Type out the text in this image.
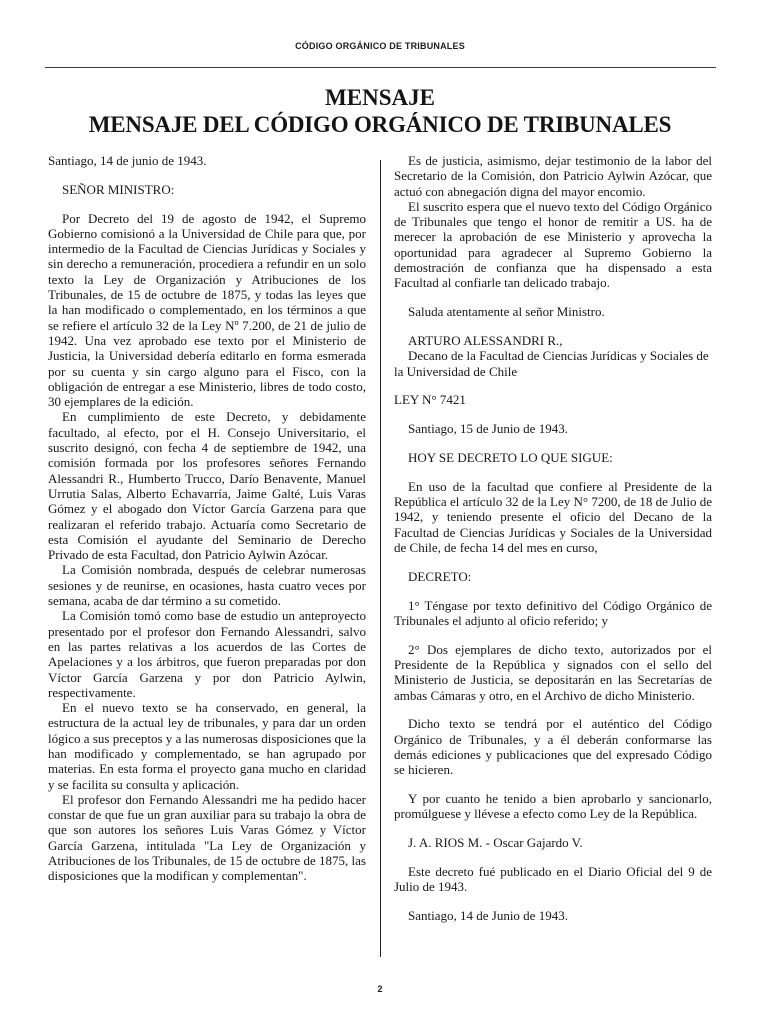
CÓDIGO ORGÁNICO DE TRIBUNALES
MENSAJE
MENSAJE DEL CÓDIGO ORGÁNICO DE TRIBUNALES

Santiago, 14 de junio de 1943.

SEÑOR MINISTRO:

Por Decreto del 19 de agosto de 1942, el Supremo Gobierno comisionó a la Universidad de Chile para que, por intermedio de la Facultad de Ciencias Jurídicas y Sociales y sin derecho a remuneración, procediera a refundir en un solo texto la Ley de Organización y Atribuciones de los Tribunales, de 15 de octubre de 1875, y todas las leyes que la han modificado o complementado, en los términos a que se refiere el artículo 32 de la Ley Nº 7.200, de 21 de julio de 1942. Una vez aprobado ese texto por el Ministerio de Justicia, la Universidad debería editarlo en forma esmerada por su cuenta y sin cargo alguno para el Fisco, con la obligación de entregar a ese Ministerio, libres de todo costo, 30 ejemplares de la edición.

En cumplimiento de este Decreto, y debidamente facultado, al efecto, por el H. Consejo Universitario, el suscrito designó, con fecha 4 de septiembre de 1942, una comisión formada por los profesores señores Fernando Alessandri R., Humberto Trucco, Darío Benavente, Manuel Urrutia Salas, Alberto Echavarría, Jaime Galté, Luis Varas Gómez y el abogado don Víctor García Garzena para que realizaran el referido trabajo. Actuaría como Secretario de esta Comisión el ayudante del Seminario de Derecho Privado de esta Facultad, don Patricio Aylwin Azócar.

La Comisión nombrada, después de celebrar numerosas sesiones y de reunirse, en ocasiones, hasta cuatro veces por semana, acaba de dar término a su cometido.

La Comisión tomó como base de estudio un anteproyecto presentado por el profesor don Fernando Alessandri, salvo en las partes relativas a los acuerdos de las Cortes de Apelaciones y a los árbitros, que fueron preparadas por don Víctor García Garzena y por don Patricio Aylwin, respectivamente.

En el nuevo texto se ha conservado, en general, la estructura de la actual ley de tribunales, y para dar un orden lógico a sus preceptos y a las numerosas disposiciones que la han modificado y complementado, se han agrupado por materias. En esta forma el proyecto gana mucho en claridad y se facilita su consulta y aplicación.

El profesor don Fernando Alessandri me ha pedido hacer constar de que fue un gran auxiliar para su trabajo la obra de que son autores los señores Luis Varas Gómez y Víctor García Garzena, intitulada "La Ley de Organización y Atribuciones de los Tribunales, de 15 de octubre de 1875, las disposiciones que la modifican y complementan".

Es de justicia, asimismo, dejar testimonio de la labor del Secretario de la Comisión, don Patricio Aylwin Azócar, que actuó con abnegación digna del mayor encomio.

El suscrito espera que el nuevo texto del Código Orgánico de Tribunales que tengo el honor de remitir a US. ha de merecer la aprobación de ese Ministerio y aprovecha la oportunidad para agradecer al Supremo Gobierno la demostración de confianza que ha dispensado a esta Facultad al confiarle tan delicado trabajo.

Saluda atentamente al señor Ministro.

ARTURO ALESSANDRI R.,

Decano de la Facultad de Ciencias Jurídicas y Sociales de la Universidad de Chile

LEY N° 7421

Santiago, 15 de Junio de 1943.

HOY SE DECRETO LO QUE SIGUE:

En uso de la facultad que confiere al Presidente de la República el artículo 32 de la Ley N° 7200, de 18 de Julio de 1942, y teniendo presente el oficio del Decano de la Facultad de Ciencias Jurídicas y Sociales de la Universidad de Chile, de fecha 14 del mes en curso,

DECRETO:

1° Téngase por texto definitivo del Código Orgánico de Tribunales el adjunto al oficio referido; y

2° Dos ejemplares de dicho texto, autorizados por el Presidente de la República y signados con el sello del Ministerio de Justicia, se depositarán en las Secretarías de ambas Cámaras y otro, en el Archivo de dicho Ministerio.

Dicho texto se tendrá por el auténtico del Código Orgánico de Tribunales, y a él deberán conformarse las demás ediciones y publicaciones que del expresado Código se hicieren.

Y por cuanto he tenido a bien aprobarlo y sancionarlo, promúlguese y llévese a efecto como Ley de la República.

J. A. RIOS M. - Oscar Gajardo V.

Este decreto fué publicado en el Diario Oficial del 9 de Julio de 1943.

Santiago, 14 de Junio de 1943.

2
